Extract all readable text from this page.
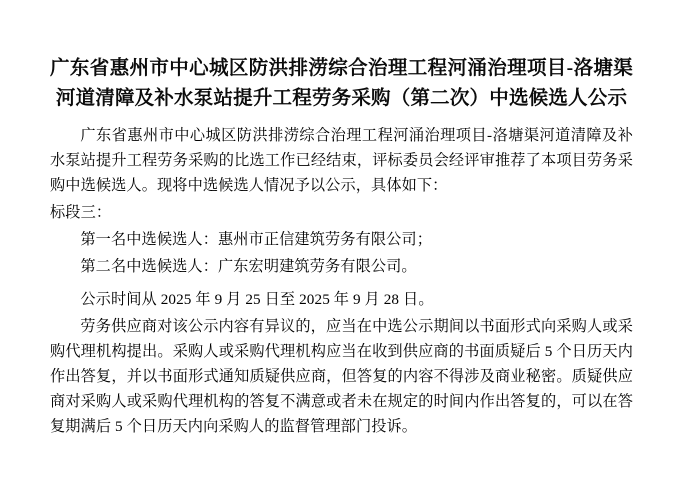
广东省惠州市中心城区防洪排涝综合治理工程河涌治理项目-洛塘渠河道清障及补水泵站提升工程劳务采购（第二次）中选候选人公示

广东省惠州市中心城区防洪排涝综合治理工程河涌治理项目-洛塘渠河道清障及补水泵站提升工程劳务采购的比选工作已经结束，评标委员会经评审推荐了本项目劳务采购中选候选人。现将中选候选人情况予以公示，具体如下：

标段三：

第一名中选候选人：惠州市正信建筑劳务有限公司；

第二名中选候选人：广东宏明建筑劳务有限公司。

公示时间从 2025 年 9 月 25 日至 2025 年 9 月 28 日。

劳务供应商对该公示内容有异议的，应当在中选公示期间以书面形式向采购人或采购代理机构提出。采购人或采购代理机构应当在收到供应商的书面质疑后 5 个日历天内作出答复，并以书面形式通知质疑供应商，但答复的内容不得涉及商业秘密。质疑供应商对采购人或采购代理机构的答复不满意或者未在规定的时间内作出答复的，可以在答复期满后 5 个日历天内向采购人的监督管理部门投诉。
